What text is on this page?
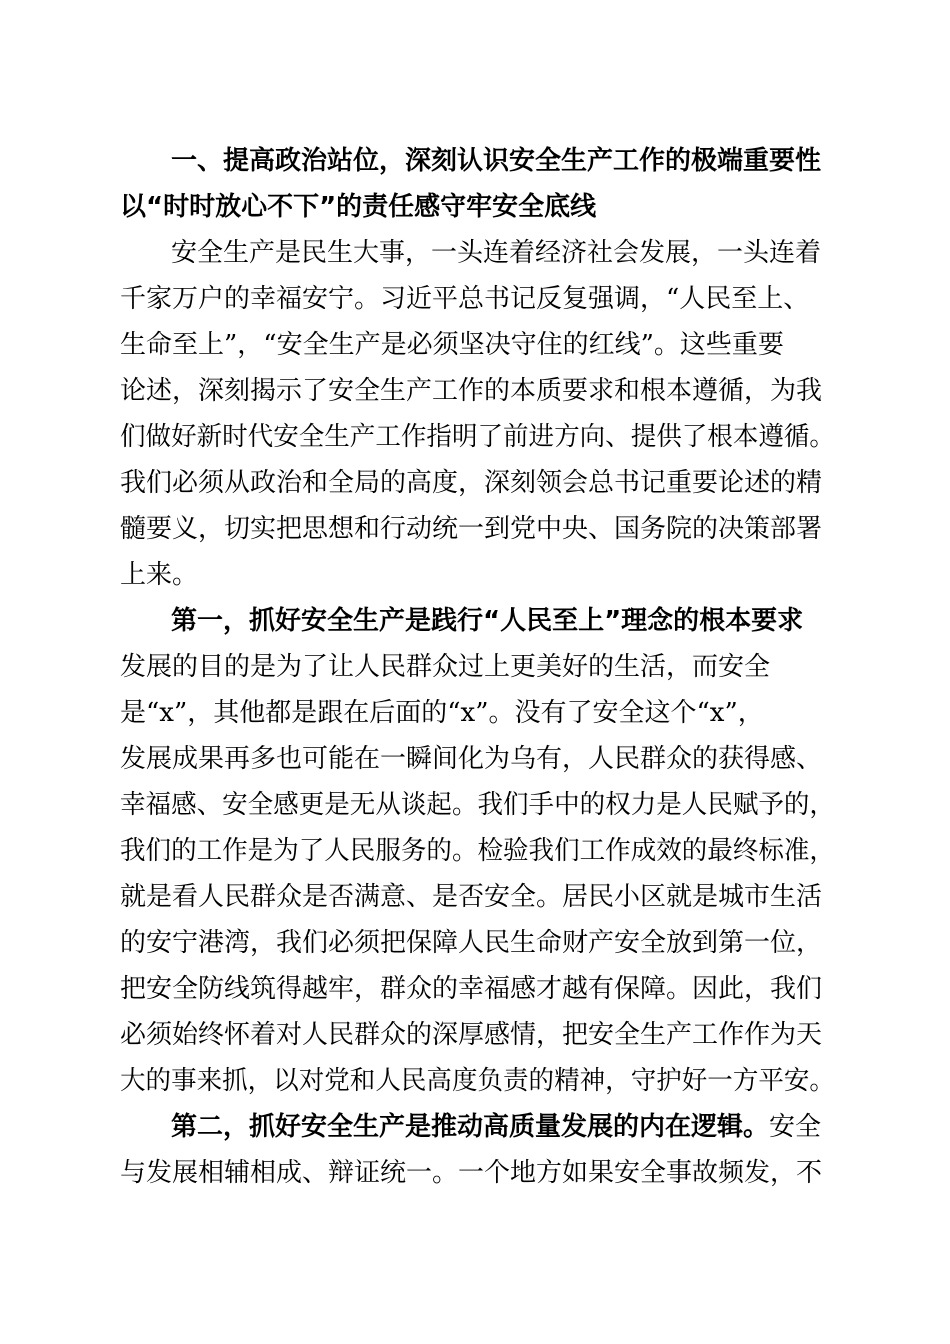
一、提高政治站位，深刻认识安全生产工作的极端重要性
以“时时放心不下”的责任感守牢安全底线
安全生产是民生大事，一头连着经济社会发展，一头连着
千家万户的幸福安宁。习近平总书记反复强调，“人民至上、
生命至上”，“安全生产是必须坚决守住的红线”。这些重要
论述，深刻揭示了安全生产工作的本质要求和根本遵循，为我
们做好新时代安全生产工作指明了前进方向、提供了根本遵循。
我们必须从政治和全局的高度，深刻领会总书记重要论述的精
髓要义，切实把思想和行动统一到党中央、国务院的决策部署
上来。
第一，抓好安全生产是践行“人民至上”理念的根本要求
发展的目的是为了让人民群众过上更美好的生活，而安全
是“x”，其他都是跟在后面的“x”。没有了安全这个“x”，
发展成果再多也可能在一瞬间化为乌有，人民群众的获得感、
幸福感、安全感更是无从谈起。我们手中的权力是人民赋予的，
我们的工作是为了人民服务的。检验我们工作成效的最终标准，
就是看人民群众是否满意、是否安全。居民小区就是城市生活
的安宁港湾，我们必须把保障人民生命财产安全放到第一位，
把安全防线筑得越牢，群众的幸福感才越有保障。因此，我们
必须始终怀着对人民群众的深厚感情，把安全生产工作作为天
大的事来抓，以对党和人民高度负责的精神，守护好一方平安。
第二，抓好安全生产是推动高质量发展的内在逻辑。安全
与发展相辅相成、辩证统一。一个地方如果安全事故频发，不
